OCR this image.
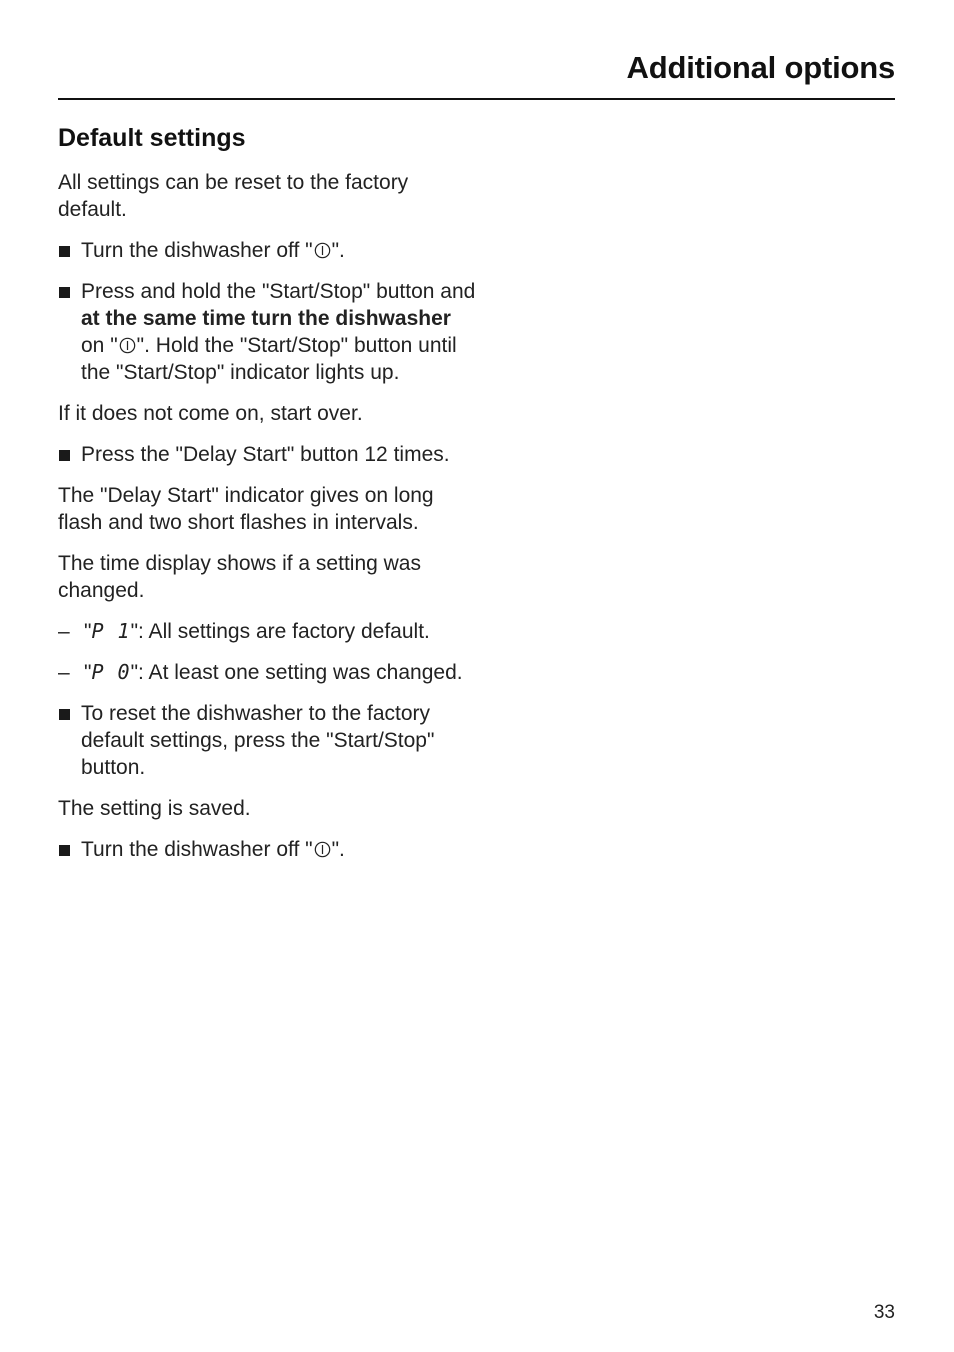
Additional options
Default settings

All settings can be reset to the factory default.

Turn the dishwasher off " ".
Press and hold the "Start/Stop" button and at the same time turn the dishwasher on " ". Hold the "Start/Stop" button until the "Start/Stop" indicator lights up.

If it does not come on, start over.

Press the "Delay Start" button 12 times.

The "Delay Start" indicator gives on long flash and two short flashes in intervals.

The time display shows if a setting was changed.

– "P 1": All settings are factory default.
– "P 0": At least one setting was changed.
To reset the dishwasher to the factory default settings, press the "Start/Stop" button.

The setting is saved.

Turn the dishwasher off " ".
33
